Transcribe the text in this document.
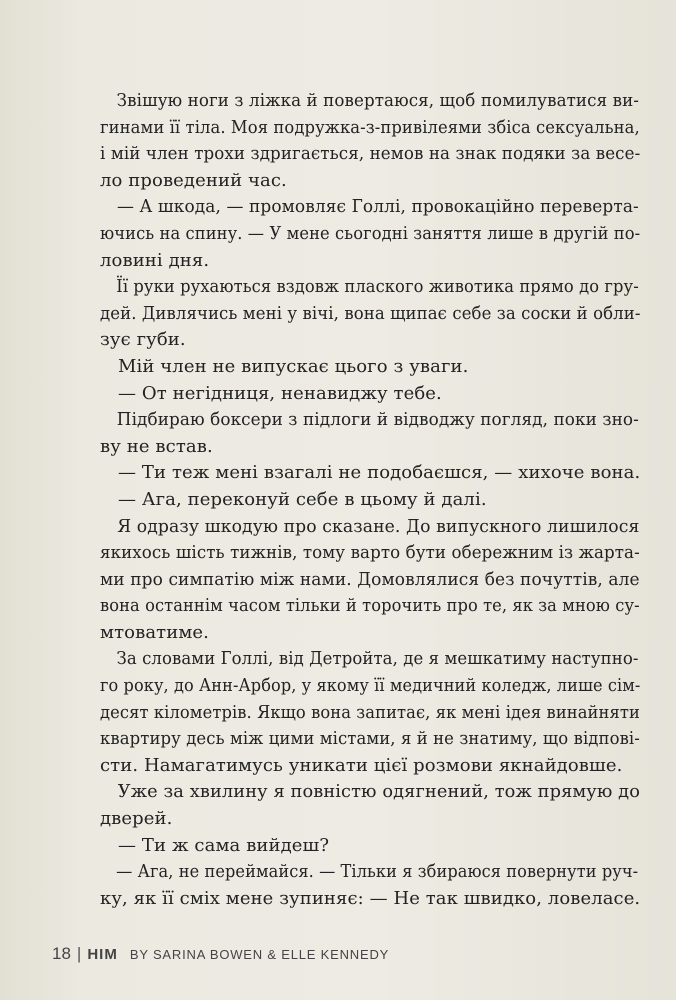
Звішую ноги з ліжка й повертаюся, щоб помилуватися ви-
гинами її тіла. Моя подружка-з-привілеями збіса сексуальна,
і мій член трохи здригається, немов на знак подяки за весе-
ло проведений час.
— А шкода, — промовляє Голлі, провокаційно переверта-
ючись на спину. — У мене сьогодні заняття лише в другій по-
ловині дня.
Її руки рухаються вздовж плаского животика прямо до гру-
дей. Дивлячись мені у вічі, вона щипає себе за соски й обли-
зує губи.
Мій член не випускає цього з уваги.
— От негідниця, ненавиджу тебе.
Підбираю боксери з підлоги й відводжу погляд, поки зно-
ву не встав.
— Ти теж мені взагалі не подобаєшся, — хихоче вона.
— Ага, переконуй себе в цьому й далі.
Я одразу шкодую про сказане. До випускного лишилося
якихось шість тижнів, тому варто бути обережним із жарта-
ми про симпатію між нами. Домовлялися без почуттів, але
вона останнім часом тільки й торочить про те, як за мною су-
мтоватиме.
За словами Голлі, від Детройта, де я мешкатиму наступно-
го року, до Анн-Арбор, у якому її медичний коледж, лише сім-
десят кілометрів. Якщо вона запитає, як мені ідея винайняти
квартиру десь між цими містами, я й не знатиму, що відпові-
сти. Намагатимусь уникати цієї розмови якнайдовше.
Уже за хвилину я повністю одягнений, тож прямую до
дверей.
— Ти ж сама вийдеш?
— Ага, не переймайся. — Тільки я збираюся повернути руч-
ку, як її сміх мене зупиняє: — Не так швидко, ловеласе.
18 | HIM BY SARINA BOWEN & ELLE KENNEDY
